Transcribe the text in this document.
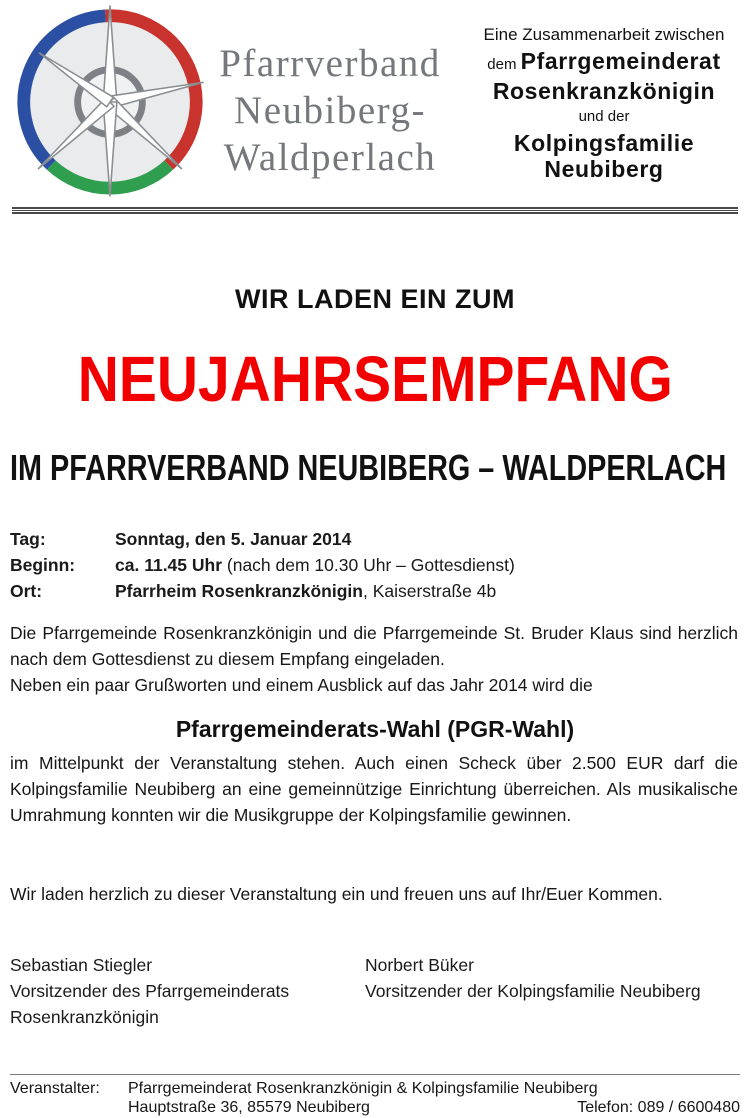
Pfarrverband
Neubiberg-
Waldperlach
Eine Zusammenarbeit zwischen
dem Pfarrgemeinderat
Rosenkranzkönigin
und der
Kolpingsfamilie
Neubiberg
WIR LADEN EIN ZUM
NEUJAHRSEMPFANG
IM PFARRVERBAND NEUBIBERG – WALDPERLACH
Tag:	Sonntag, den 5. Januar 2014
Beginn:	ca. 11.45 Uhr (nach dem 10.30 Uhr – Gottesdienst)
Ort:	Pfarrheim Rosenkranzkönigin, Kaiserstraße 4b
Die Pfarrgemeinde Rosenkranzkönigin und die Pfarrgemeinde St. Bruder Klaus sind herzlich
nach dem Gottesdienst zu diesem Empfang eingeladen.
Neben ein paar Grußworten und einem Ausblick auf das Jahr 2014 wird die
Pfarrgemeinderats-Wahl (PGR-Wahl)
im Mittelpunkt der Veranstaltung stehen. Auch einen Scheck über 2.500 EUR darf die
Kolpingsfamilie Neubiberg an eine gemeinnützige Einrichtung überreichen. Als musikalische
Umrahmung konnten wir die Musikgruppe der Kolpingsfamilie gewinnen.
Wir laden herzlich zu dieser Veranstaltung ein und freuen uns auf Ihr/Euer Kommen.
Sebastian Stiegler
Vorsitzender des Pfarrgemeinderats
Rosenkranzkönigin
Norbert Büker
Vorsitzender der Kolpingsfamilie Neubiberg
Veranstalter:	Pfarrgemeinderat Rosenkranzkönigin & Kolpingsfamilie Neubiberg
Hauptstraße 36, 85579 Neubiberg	Telefon: 089 / 6600480
